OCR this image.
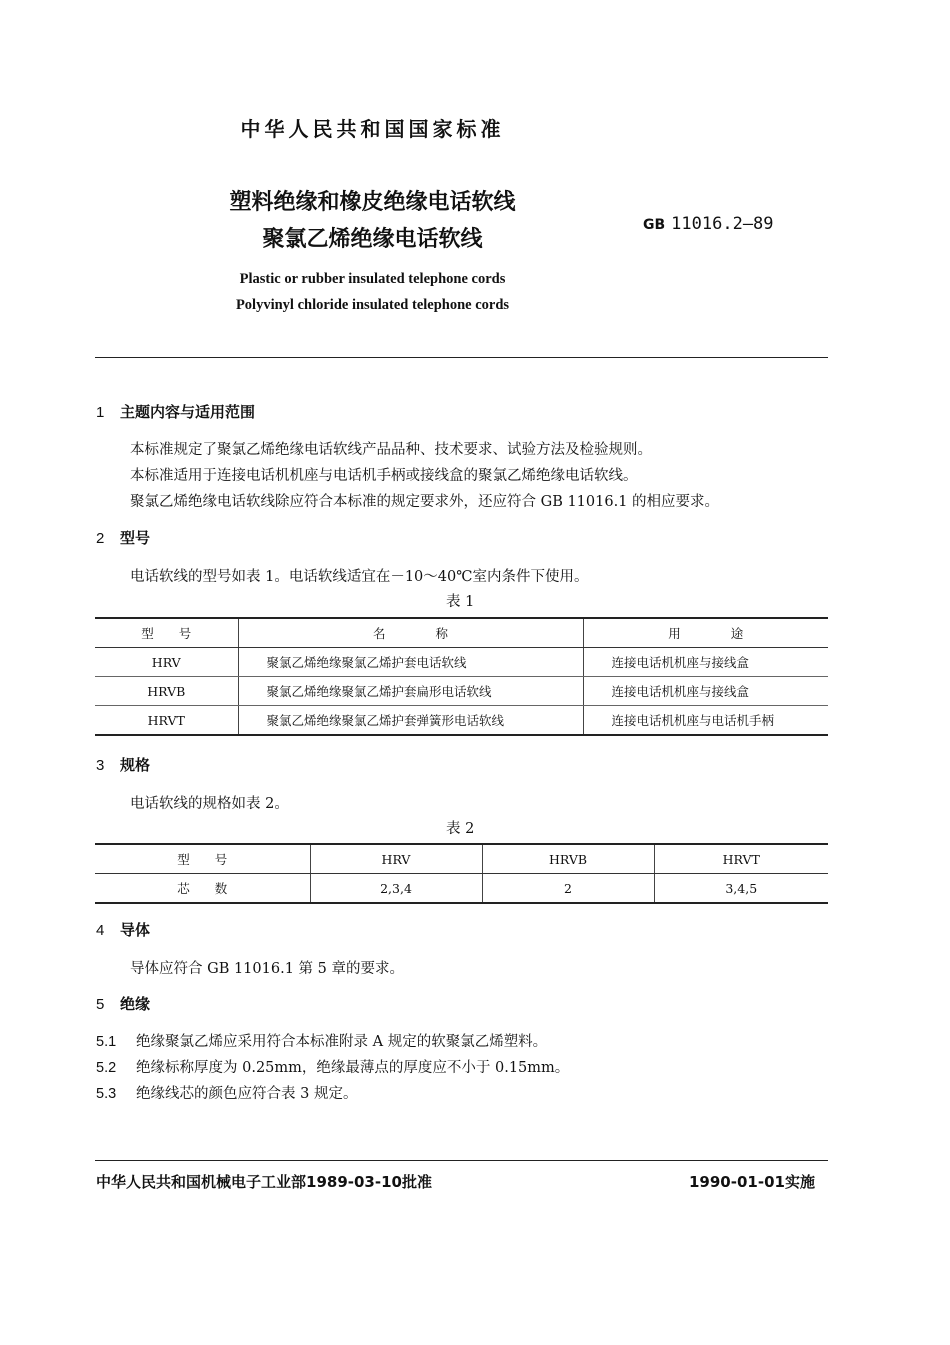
中华人民共和国国家标准
塑料绝缘和橡皮绝缘电话软线
聚氯乙烯绝缘电话软线
GB 11016.2—89
Plastic or rubber insulated telephone cords
Polyvinyl chloride insulated telephone cords
1 主题内容与适用范围
本标准规定了聚氯乙烯绝缘电话软线产品品种、技术要求、试验方法及检验规则。
本标准适用于连接电话机机座与电话机手柄或接线盒的聚氯乙烯绝缘电话软线。
聚氯乙烯绝缘电话软线除应符合本标准的规定要求外，还应符合 GB 11016.1 的相应要求。
2 型号
电话软线的型号如表 1。电话软线适宜在－10～40℃室内条件下使用。
表 1
型　　号	名　　　　称	用　　　　途
HRV	聚氯乙烯绝缘聚氯乙烯护套电话软线	连接电话机机座与接线盒
HRVB	聚氯乙烯绝缘聚氯乙烯护套扁形电话软线	连接电话机机座与接线盒
HRVT	聚氯乙烯绝缘聚氯乙烯护套弹簧形电话软线	连接电话机机座与电话机手柄
3 规格
电话软线的规格如表 2。
表 2
型　　号	HRV	HRVB	HRVT
芯　　数	2,3,4	2	3,4,5
4 导体
导体应符合 GB 11016.1 第 5 章的要求。
5 绝缘
5.1 绝缘聚氯乙烯应采用符合本标准附录 A 规定的软聚氯乙烯塑料。
5.2 绝缘标称厚度为 0.25mm，绝缘最薄点的厚度应不小于 0.15mm。
5.3 绝缘线芯的颜色应符合表 3 规定。
中华人民共和国机械电子工业部1989-03-10批准	1990-01-01实施
